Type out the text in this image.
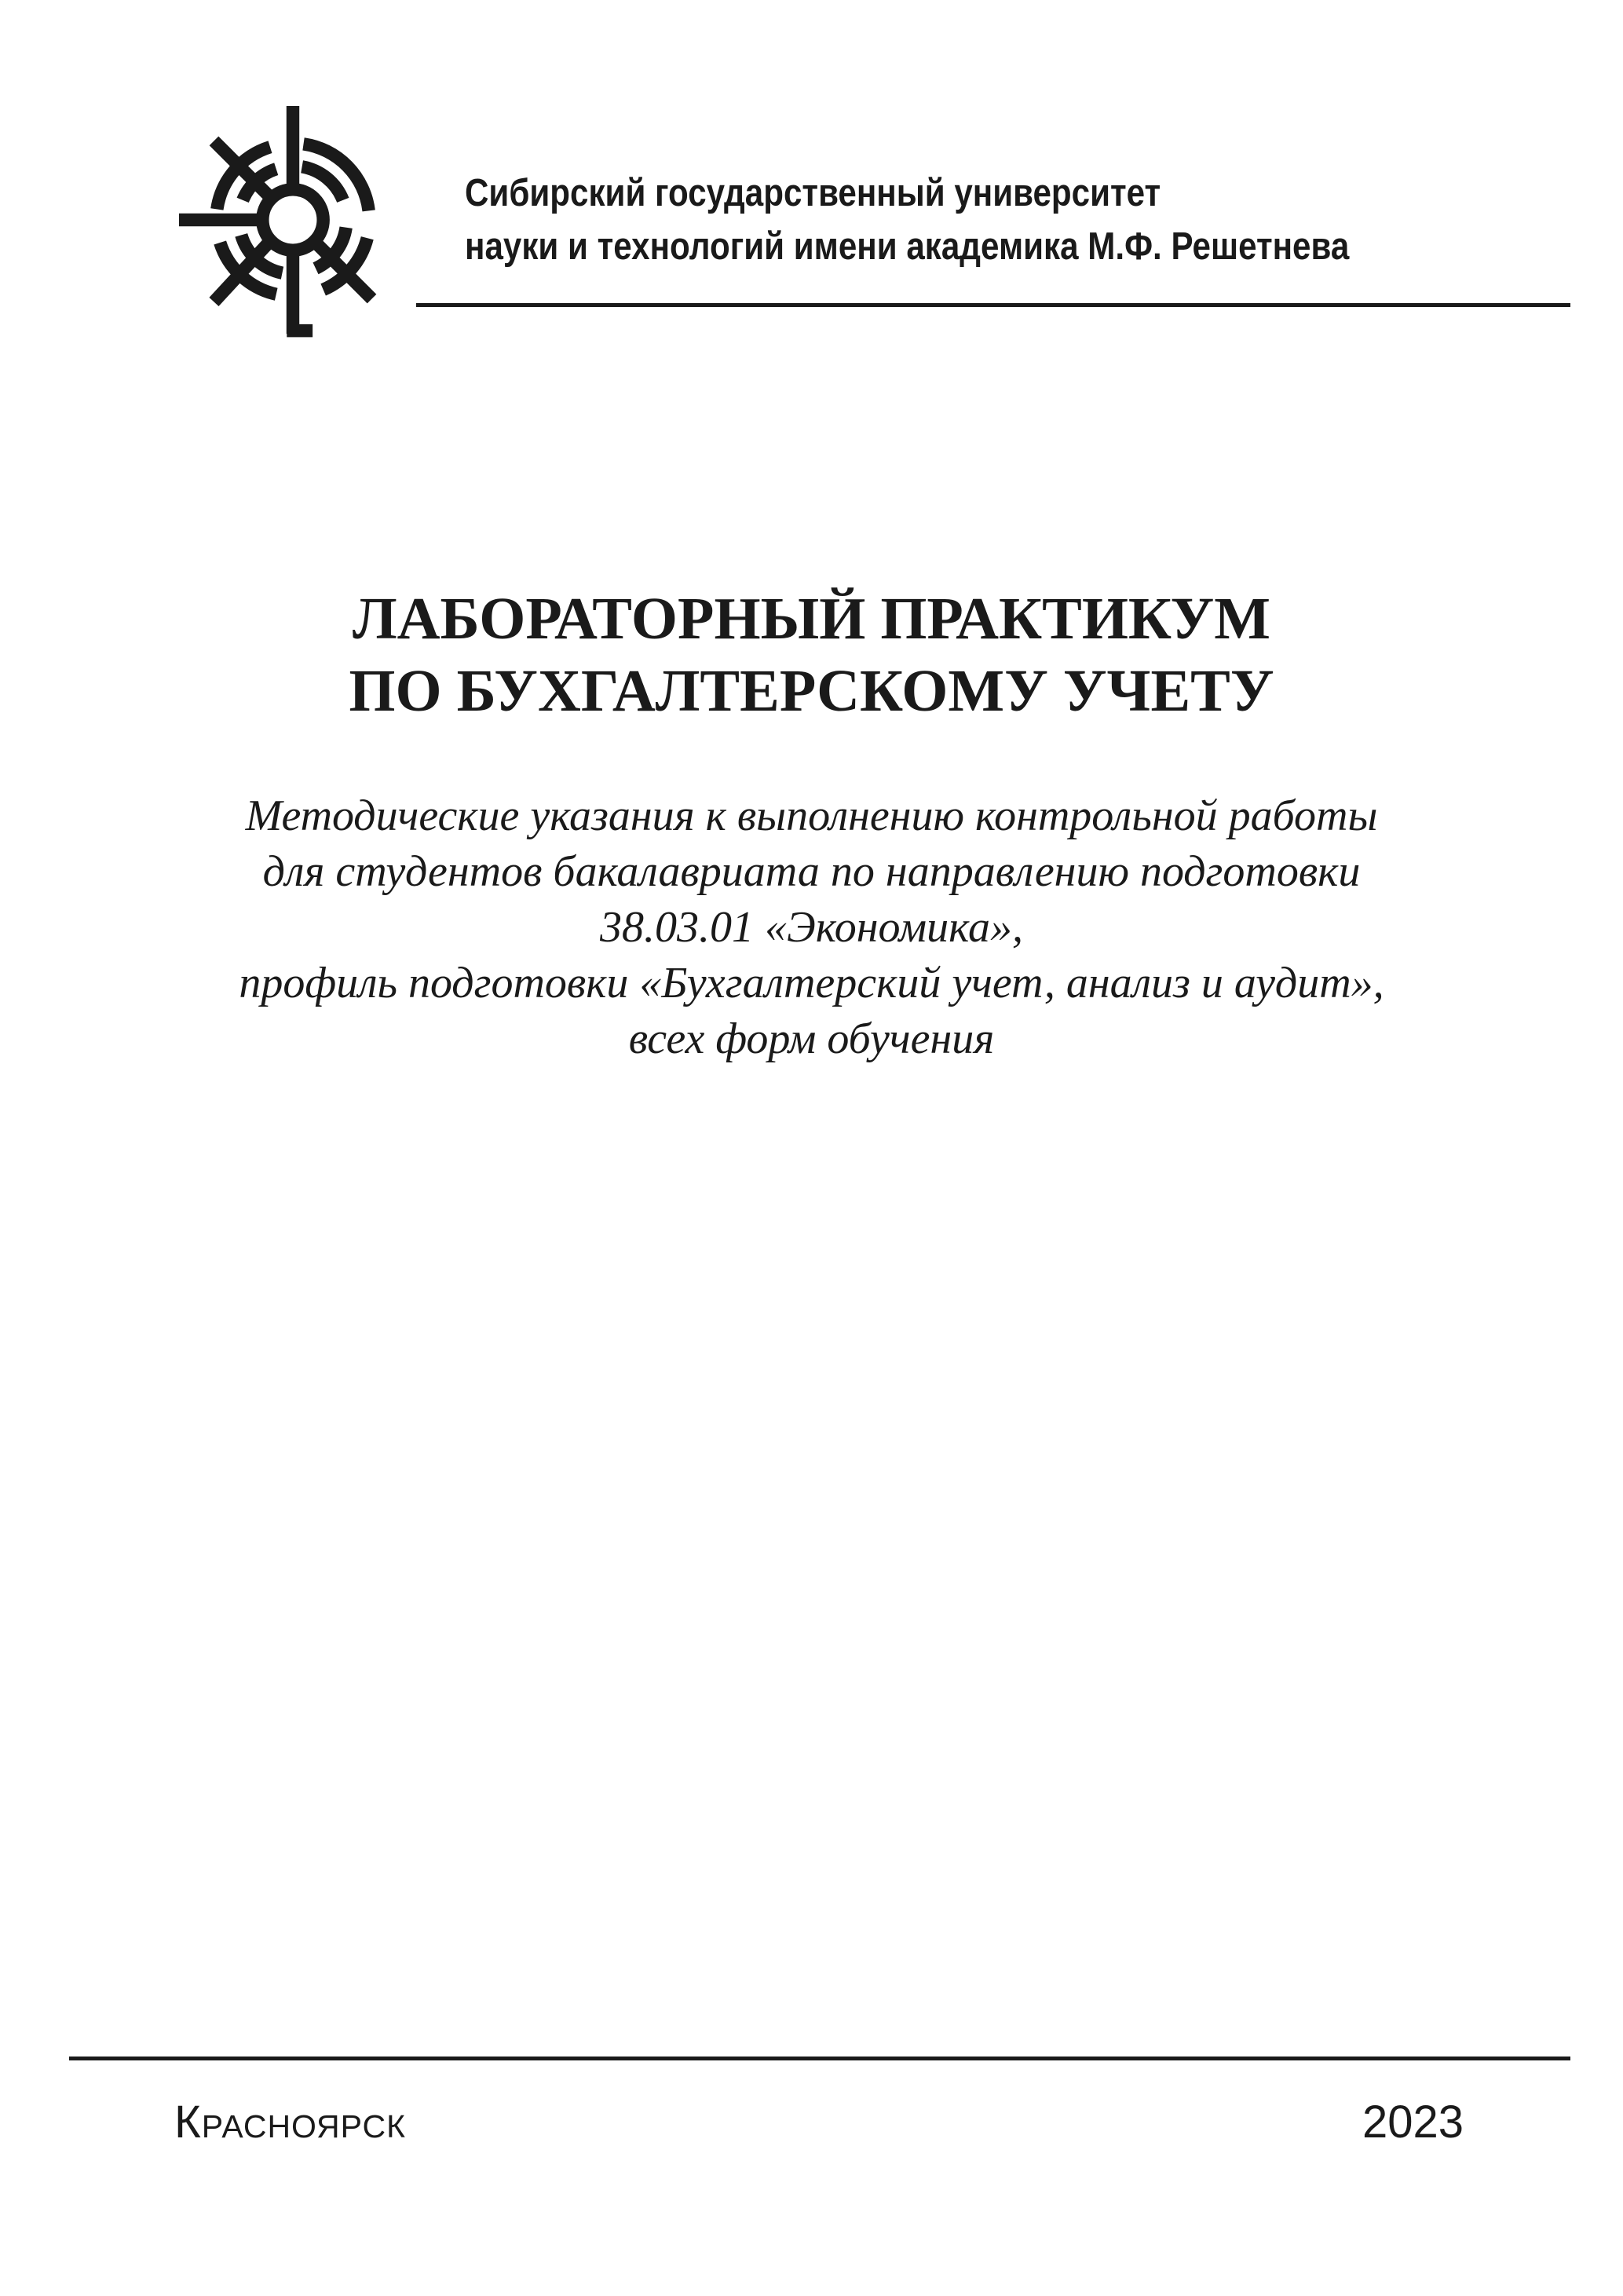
Сибирский государственный университет
науки и технологий имени академика М.Ф. Решетнева
ЛАБОРАТОРНЫЙ ПРАКТИКУМ
ПО БУХГАЛТЕРСКОМУ УЧЕТУ
Методические указания к выполнению контрольной работы
для студентов бакалавриата по направлению подготовки
38.03.01 «Экономика»,
профиль подготовки «Бухгалтерский учет, анализ и аудит»,
всех форм обучения
Красноярск	2023
